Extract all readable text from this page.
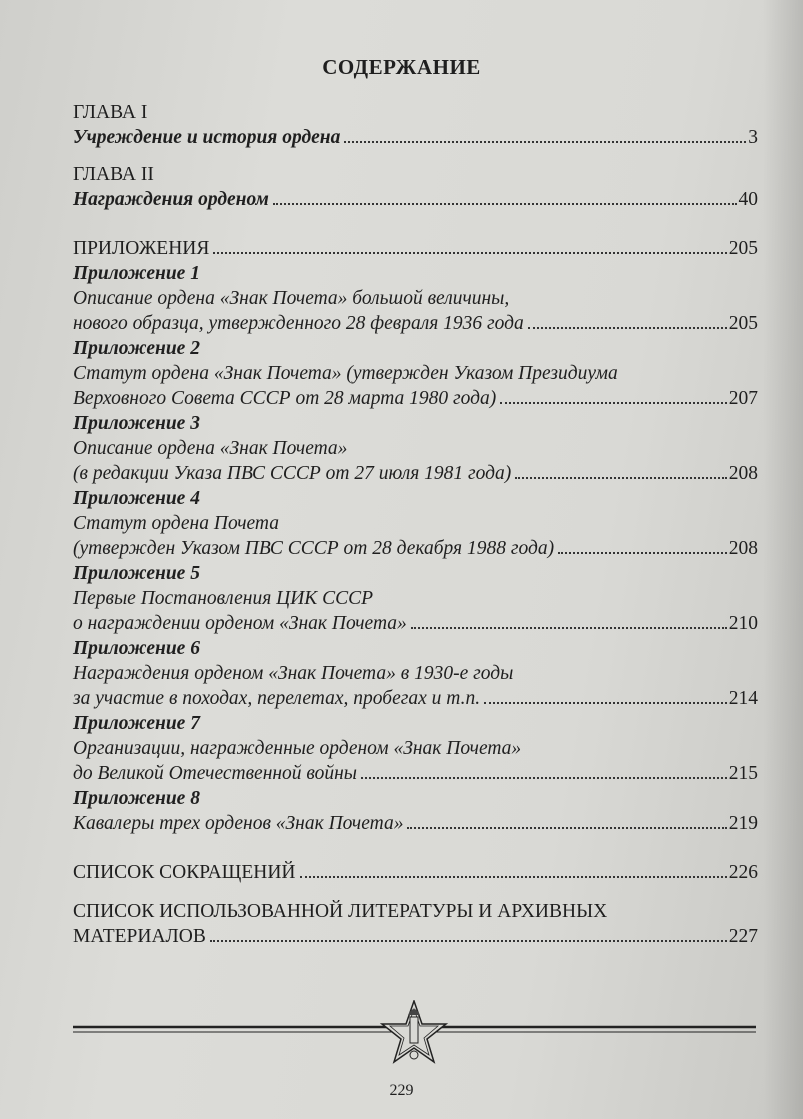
СОДЕРЖАНИЕ
ГЛАВА I
Учреждение и история ордена	3
ГЛАВА II
Награждения орденом	40
ПРИЛОЖЕНИЯ	205
Приложение 1
Описание ордена «Знак Почета» большой величины,
нового образца, утвержденного 28 февраля 1936 года	205
Приложение 2
Статут ордена «Знак Почета» (утвержден Указом Президиума
Верховного Совета СССР от 28 марта 1980 года)	207
Приложение 3
Описание ордена «Знак Почета»
(в редакции Указа ПВС СССР от 27 июля 1981 года)	208
Приложение 4
Статут ордена Почета
(утвержден Указом ПВС СССР от 28 декабря 1988 года)	208
Приложение 5
Первые Постановления ЦИК СССР
о награждении орденом «Знак Почета»	210
Приложение 6
Награждения орденом «Знак Почета» в 1930-е годы
за участие в походах, перелетах, пробегах и т.п.	214
Приложение 7
Организации, награжденные орденом «Знак Почета»
до Великой Отечественной войны	215
Приложение 8
Кавалеры трех орденов «Знак Почета»	219
СПИСОК СОКРАЩЕНИЙ	226
СПИСОК ИСПОЛЬЗОВАННОЙ ЛИТЕРАТУРЫ И АРХИВНЫХ
МАТЕРИАЛОВ	227
229
